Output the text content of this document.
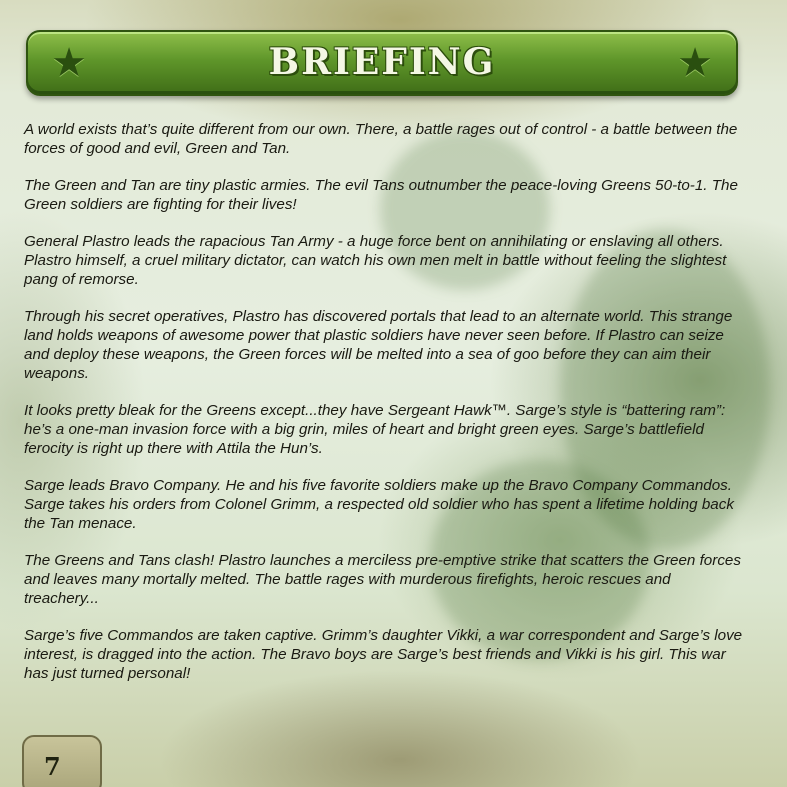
★	BRIEFING	★

A world exists that’s quite different from our own. There, a battle rages out of control - a battle between the forces of good and evil, Green and Tan.

The Green and Tan are tiny plastic armies. The evil Tans outnumber the peace-loving Greens 50-to-1. The Green soldiers are fighting for their lives!

General Plastro leads the rapacious Tan Army - a huge force bent on annihilating or enslaving all others. Plastro himself, a cruel military dictator, can watch his own men melt in battle without feeling the slightest pang of remorse.

Through his secret operatives, Plastro has discovered portals that lead to an alternate world. This strange land holds weapons of awesome power that plastic soldiers have never seen before. If Plastro can seize and deploy these weapons, the Green forces will be melted into a sea of goo before they can aim their weapons.

It looks pretty bleak for the Greens except...they have Sergeant Hawk™. Sarge’s style is “battering ram”: he’s a one-man invasion force with a big grin, miles of heart and bright green eyes. Sarge’s battlefield ferocity is right up there with Attila the Hun’s.

Sarge leads Bravo Company. He and his five favorite soldiers make up the Bravo Company Commandos. Sarge takes his orders from Colonel Grimm, a respected old soldier who has spent a lifetime holding back the Tan menace.

The Greens and Tans clash! Plastro launches a merciless pre-emptive strike that scatters the Green forces and leaves many mortally melted. The battle rages with murderous firefights, heroic rescues and treachery...

Sarge’s five Commandos are taken captive. Grimm’s daughter Vikki, a war correspondent and Sarge’s love interest, is dragged into the action. The Bravo boys are Sarge’s best friends and Vikki is his girl. This war has just turned personal!

7
